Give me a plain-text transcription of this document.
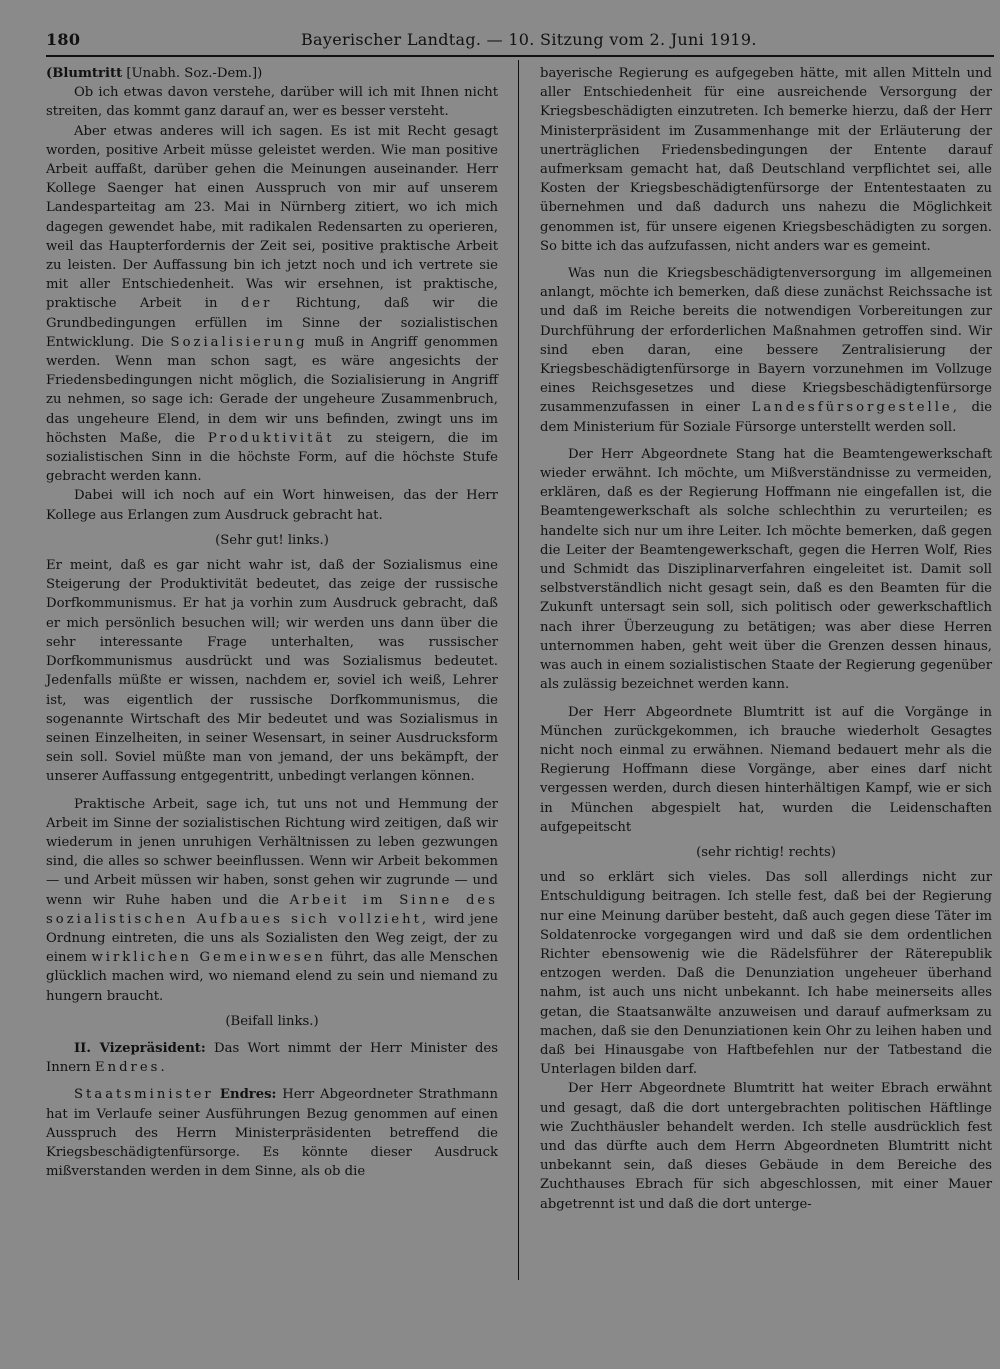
180	Bayerischer Landtag. — 10. Sitzung vom 2. Juni 1919.

(Blumtritt [Unabh. Soz.-Dem.])

Ob ich etwas davon verstehe, darüber will ich mit Ihnen nicht streiten, das kommt ganz darauf an, wer es besser versteht.

Aber etwas anderes will ich sagen. Es ist mit Recht gesagt worden, positive Arbeit müsse geleistet werden. Wie man positive Arbeit auffaßt, darüber gehen die Meinungen auseinander. Herr Kollege Saenger hat einen Ausspruch von mir auf unserem Landesparteitag am 23. Mai in Nürnberg zitiert, wo ich mich dagegen gewendet habe, mit radikalen Redensarten zu operieren, weil das Haupterfordernis der Zeit sei, positive praktische Arbeit zu leisten. Der Auffassung bin ich jetzt noch und ich vertrete sie mit aller Entschiedenheit. Was wir ersehnen, ist praktische, praktische Arbeit in der Richtung, daß wir die Grundbedingungen erfüllen im Sinne der sozialistischen Entwicklung. Die Sozialisierung muß in Angriff genommen werden. Wenn man schon sagt, es wäre angesichts der Friedensbedingungen nicht möglich, die Sozialisierung in Angriff zu nehmen, so sage ich: Gerade der ungeheure Zusammenbruch, das ungeheure Elend, in dem wir uns befinden, zwingt uns im höchsten Maße, die Produktivität zu steigern, die im sozialistischen Sinn in die höchste Form, auf die höchste Stufe gebracht werden kann.

Dabei will ich noch auf ein Wort hinweisen, das der Herr Kollege aus Erlangen zum Ausdruck gebracht hat.

(Sehr gut! links.)

Er meint, daß es gar nicht wahr ist, daß der Sozialismus eine Steigerung der Produktivität bedeutet, das zeige der russische Dorfkommunismus. Er hat ja vorhin zum Ausdruck gebracht, daß er mich persönlich besuchen will; wir werden uns dann über die sehr interessante Frage unterhalten, was russischer Dorfkommunismus ausdrückt und was Sozialismus bedeutet. Jedenfalls müßte er wissen, nachdem er, soviel ich weiß, Lehrer ist, was eigentlich der russische Dorfkommunismus, die sogenannte Wirtschaft des Mir bedeutet und was Sozialismus in seinen Einzelheiten, in seiner Wesensart, in seiner Ausdrucksform sein soll. Soviel müßte man von jemand, der uns bekämpft, der unserer Auffassung entgegentritt, unbedingt verlangen können.

Praktische Arbeit, sage ich, tut uns not und Hemmung der Arbeit im Sinne der sozialistischen Richtung wird zeitigen, daß wir wiederum in jenen unruhigen Verhältnissen zu leben gezwungen sind, die alles so schwer beeinflussen. Wenn wir Arbeit bekommen — und Arbeit müssen wir haben, sonst gehen wir zugrunde — und wenn wir Ruhe haben und die Arbeit im Sinne des sozialistischen Aufbaues sich vollzieht, wird jene Ordnung eintreten, die uns als Sozialisten den Weg zeigt, der zu einem wirklichen Gemeinwesen führt, das alle Menschen glücklich machen wird, wo niemand elend zu sein und niemand zu hungern braucht.

(Beifall links.)

II. Vizepräsident: Das Wort nimmt der Herr Minister des Innern Endres.

Staatsminister Endres: Herr Abgeordneter Strathmann hat im Verlaufe seiner Ausführungen Bezug genommen auf einen Ausspruch des Herrn Ministerpräsidenten betreffend die Kriegsbeschädigtenfürsorge. Es könnte dieser Ausdruck mißverstanden werden in dem Sinne, als ob die

bayerische Regierung es aufgegeben hätte, mit allen Mitteln und aller Entschiedenheit für eine ausreichende Versorgung der Kriegsbeschädigten einzutreten. Ich bemerke hierzu, daß der Herr Ministerpräsident im Zusammenhange mit der Erläuterung der unerträglichen Friedensbedingungen der Entente darauf aufmerksam gemacht hat, daß Deutschland verpflichtet sei, alle Kosten der Kriegsbeschädigtenfürsorge der Ententestaaten zu übernehmen und daß dadurch uns nahezu die Möglichkeit genommen ist, für unsere eigenen Kriegsbeschädigten zu sorgen. So bitte ich das aufzufassen, nicht anders war es gemeint.

Was nun die Kriegsbeschädigtenversorgung im allgemeinen anlangt, möchte ich bemerken, daß diese zunächst Reichssache ist und daß im Reiche bereits die notwendigen Vorbereitungen zur Durchführung der erforderlichen Maßnahmen getroffen sind. Wir sind eben daran, eine bessere Zentralisierung der Kriegsbeschädigtenfürsorge in Bayern vorzunehmen im Vollzuge eines Reichsgesetzes und diese Kriegsbeschädigtenfürsorge zusammenzufassen in einer Landesfürsorgestelle, die dem Ministerium für Soziale Fürsorge unterstellt werden soll.

Der Herr Abgeordnete Stang hat die Beamtengewerkschaft wieder erwähnt. Ich möchte, um Mißverständnisse zu vermeiden, erklären, daß es der Regierung Hoffmann nie eingefallen ist, die Beamtengewerkschaft als solche schlechthin zu verurteilen; es handelte sich nur um ihre Leiter. Ich möchte bemerken, daß gegen die Leiter der Beamtengewerkschaft, gegen die Herren Wolf, Ries und Schmidt das Disziplinarverfahren eingeleitet ist. Damit soll selbstverständlich nicht gesagt sein, daß es den Beamten für die Zukunft untersagt sein soll, sich politisch oder gewerkschaftlich nach ihrer Überzeugung zu betätigen; was aber diese Herren unternommen haben, geht weit über die Grenzen dessen hinaus, was auch in einem sozialistischen Staate der Regierung gegenüber als zulässig bezeichnet werden kann.

Der Herr Abgeordnete Blumtritt ist auf die Vorgänge in München zurückgekommen, ich brauche wiederholt Gesagtes nicht noch einmal zu erwähnen. Niemand bedauert mehr als die Regierung Hoffmann diese Vorgänge, aber eines darf nicht vergessen werden, durch diesen hinterhältigen Kampf, wie er sich in München abgespielt hat, wurden die Leidenschaften aufgepeitscht

(sehr richtig! rechts)

und so erklärt sich vieles. Das soll allerdings nicht zur Entschuldigung beitragen. Ich stelle fest, daß bei der Regierung nur eine Meinung darüber besteht, daß auch gegen diese Täter im Soldatenrocke vorgegangen wird und daß sie dem ordentlichen Richter ebensowenig wie die Rädelsführer der Räterepublik entzogen werden. Daß die Denunziation ungeheuer überhand nahm, ist auch uns nicht unbekannt. Ich habe meinerseits alles getan, die Staatsanwälte anzuweisen und darauf aufmerksam zu machen, daß sie den Denunziationen kein Ohr zu leihen haben und daß bei Hinausgabe von Haftbefehlen nur der Tatbestand die Unterlagen bilden darf.

Der Herr Abgeordnete Blumtritt hat weiter Ebrach erwähnt und gesagt, daß die dort untergebrachten politischen Häftlinge wie Zuchthäusler behandelt werden. Ich stelle ausdrücklich fest und das dürfte auch dem Herrn Abgeordneten Blumtritt nicht unbekannt sein, daß dieses Gebäude in dem Bereiche des Zuchthauses Ebrach für sich abgeschlossen, mit einer Mauer abgetrennt ist und daß die dort unterge-
